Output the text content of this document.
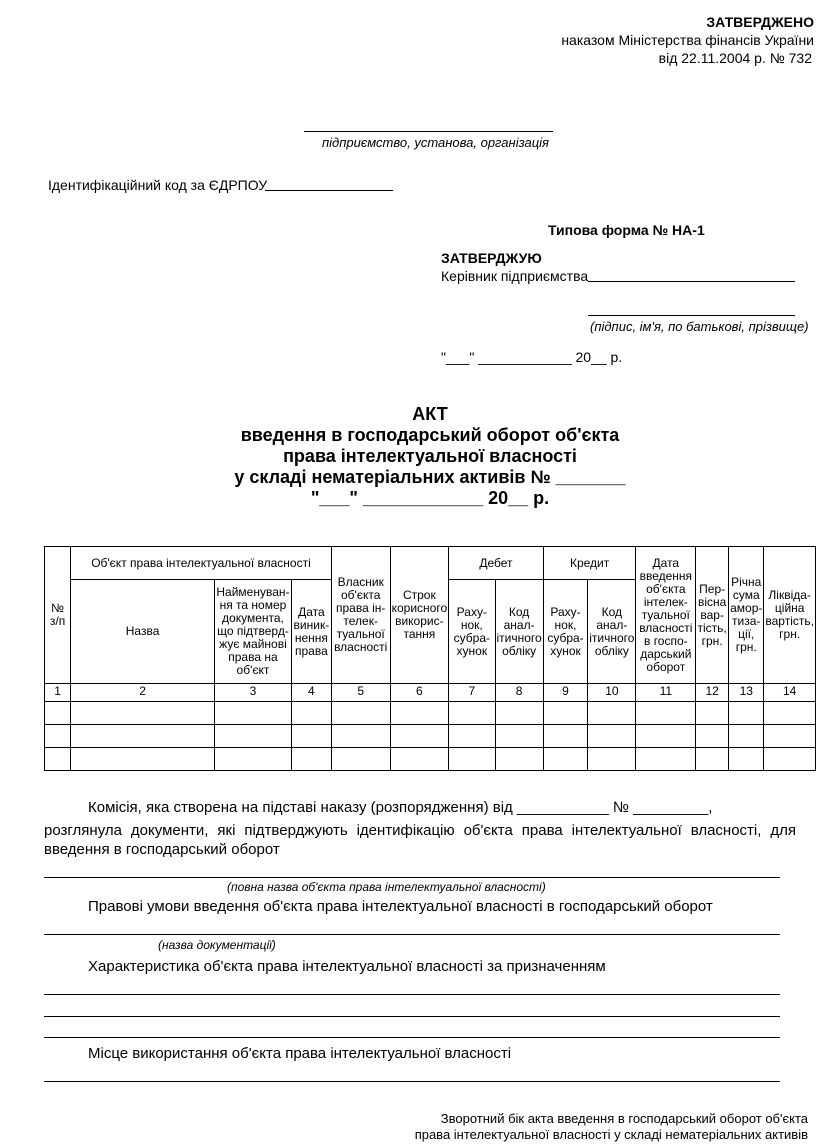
ЗАТВЕРДЖЕНО
наказом Міністерства фінансів України
від 22.11.2004 р. № 732
підприємство, установа, організація
Ідентифікаційний код за ЄДРПОУ
Типова форма № НА-1
ЗАТВЕРДЖУЮ
Керівник підприємства
(підпис, ім'я, по батькові, прізвище)
"___" ____________ 20__ р.
АКТ
введення в господарський оборот об'єкта
права інтелектуальної власності
у складі нематеріальних активів № _______
"___" ____________ 20__ р.
№ з/п	Об'єкт права інтелектуальної власності			Власник об'єкта права ін-телек-туальної власності	Строк корисного викорис-тання	Дебет		Кредит		Дата введення об'єкта інтелек-туальної власності в госпо-дарський оборот	Пер-вісна вар-тість, грн.	Річна сума амор-тиза-ції, грн.	Ліквіда-ційна вартість, грн.
	Назва	Найменуван-ня та номер документа, що підтверд-жує майнові права на об'єкт	Дата виник-нення права			Раху-нок, субра-хунок	Код анал-ітичного обліку	Раху-нок, субра-хунок	Код анал-ітичного обліку				
1	2	3	4	5	6	7	8	9	10	11	12	13	14

Комісія, яка створена на підставі наказу (розпорядження) від ___________ № _________,
розглянула документи, які підтверджують ідентифікацію об'єкта права інтелектуальної власності, для
введення в господарський оборот
(повна назва об'єкта права інтелектуальної власності)
Правові умови введення об'єкта права інтелектуальної власності в господарський оборот
(назва документації)
Характеристика об'єкта права інтелектуальної власності за призначенням
Місце використання об'єкта права інтелектуальної власності
Зворотний бік акта введення в господарський оборот об'єкта
права інтелектуальної власності у складі нематеріальних активів
